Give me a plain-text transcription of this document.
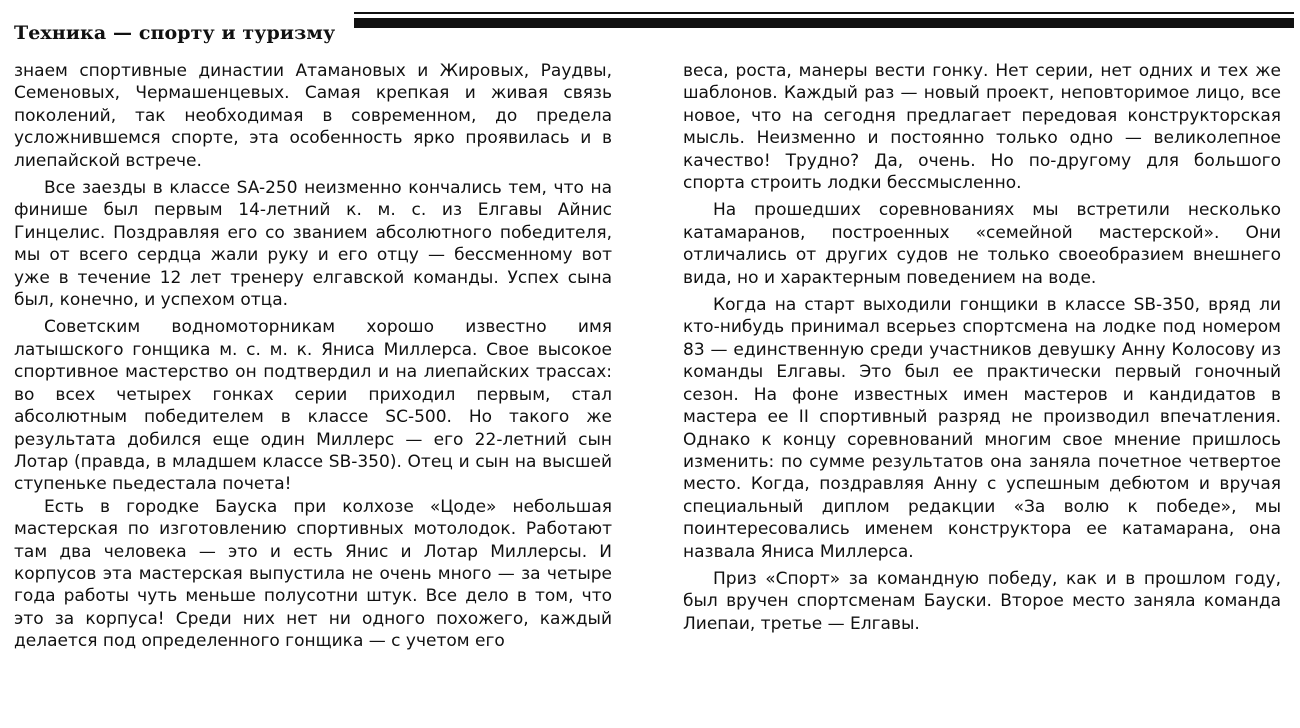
Техника — спорту и туризму

знаем спортивные династии Атамановых и Жировых, Раудвы, Семеновых, Чермашенцевых. Самая крепкая и живая связь поколений, так необходимая в современном, до предела усложнившемся спорте, эта особенность ярко проявилась и в лиепайской встрече.

Все заезды в классе SA-250 неизменно кончались тем, что на финише был первым 14-летний к. м. с. из Елгавы Айнис Гинцелис. Поздравляя его со званием абсолютного победителя, мы от всего сердца жали руку и его отцу — бессменному вот уже в течение 12 лет тренеру елгавской команды. Успех сына был, конечно, и успехом отца.

Советским водномоторникам хорошо известно имя латышского гонщика м. с. м. к. Яниса Миллерса. Свое высокое спортивное мастерство он подтвердил и на лиепайских трассах: во всех четырех гонках серии приходил первым, стал абсолютным победителем в классе SC-500. Но такого же результата добился еще один Миллерс — его 22-летний сын Лотар (правда, в младшем классе SB-350). Отец и сын на высшей ступеньке пьедестала почета!

Есть в городке Бауска при колхозе «Цоде» небольшая мастерская по изготовлению спортивных мотолодок. Работают там два человека — это и есть Янис и Лотар Миллерсы. И корпусов эта мастерская выпустила не очень много — за четыре года работы чуть меньше полусотни штук. Все дело в том, что это за корпуса! Среди них нет ни одного похожего, каждый делается под определенного гонщика — с учетом его

веса, роста, манеры вести гонку. Нет серии, нет одних и тех же шаблонов. Каждый раз — новый проект, неповторимое лицо, все новое, что на сегодня предлагает передовая конструкторская мысль. Неизменно и постоянно только одно — великолепное качество! Трудно? Да, очень. Но по-другому для большого спорта строить лодки бессмысленно.

На прошедших соревнованиях мы встретили несколько катамаранов, построенных «семейной мастерской». Они отличались от других судов не только своеобразием внешнего вида, но и характерным поведением на воде.

Когда на старт выходили гонщики в классе SB-350, вряд ли кто-нибудь принимал всерьез спортсмена на лодке под номером 83 — единственную среди участников девушку Анну Колосову из команды Елгавы. Это был ее практически первый гоночный сезон. На фоне известных имен мастеров и кандидатов в мастера ее II спортивный разряд не производил впечатления. Однако к концу соревнований многим свое мнение пришлось изменить: по сумме результатов она заняла почетное четвертое место. Когда, поздравляя Анну с успешным дебютом и вручая специальный диплом редакции «За волю к победе», мы поинтересовались именем конструктора ее катамарана, она назвала Яниса Миллерса.

Приз «Спорт» за командную победу, как и в прошлом году, был вручен спортсменам Бауски. Второе место заняла команда Лиепаи, третье — Елгавы.
